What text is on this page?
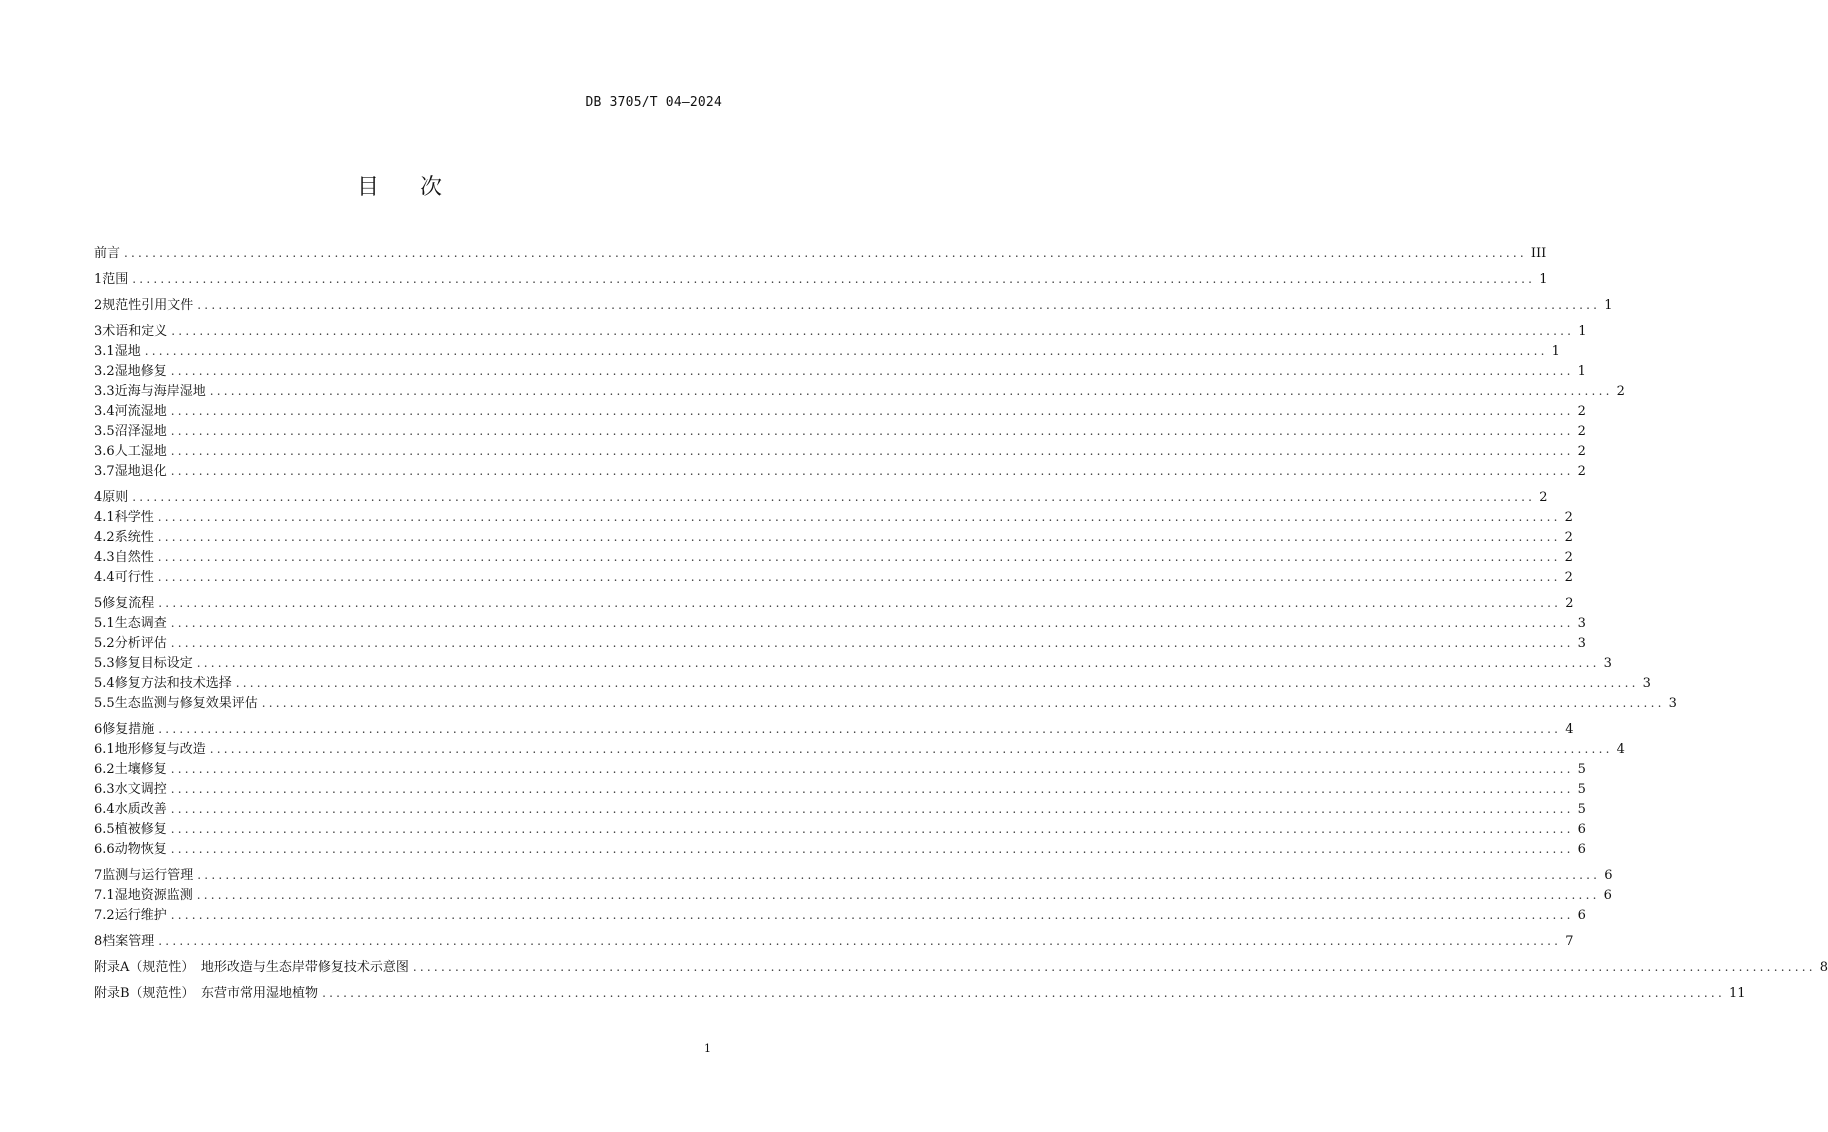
DB 3705/T 04—2024
目 次
前言 ........................................................................................................................................................................................................ III
1 范围 ........................................................................................................................................................................................................ 1
2 规范性引用文件 ........................................................................................................................................................................................................ 1
3 术语和定义 ........................................................................................................................................................................................................ 1
3.1 湿地 ........................................................................................................................................................................................................ 1
3.2 湿地修复 ........................................................................................................................................................................................................ 1
3.3 近海与海岸湿地 ........................................................................................................................................................................................................ 2
3.4 河流湿地 ........................................................................................................................................................................................................ 2
3.5 沼泽湿地 ........................................................................................................................................................................................................ 2
3.6 人工湿地 ........................................................................................................................................................................................................ 2
3.7 湿地退化 ........................................................................................................................................................................................................ 2
4 原则 ........................................................................................................................................................................................................ 2
4.1 科学性 ........................................................................................................................................................................................................ 2
4.2 系统性 ........................................................................................................................................................................................................ 2
4.3 自然性 ........................................................................................................................................................................................................ 2
4.4 可行性 ........................................................................................................................................................................................................ 2
5 修复流程 ........................................................................................................................................................................................................ 2
5.1 生态调查 ........................................................................................................................................................................................................ 3
5.2 分析评估 ........................................................................................................................................................................................................ 3
5.3 修复目标设定 ........................................................................................................................................................................................................ 3
5.4 修复方法和技术选择 ........................................................................................................................................................................................................ 3
5.5 生态监测与修复效果评估 ........................................................................................................................................................................................................ 3
6 修复措施 ........................................................................................................................................................................................................ 4
6.1 地形修复与改造 ........................................................................................................................................................................................................ 4
6.2 土壤修复 ........................................................................................................................................................................................................ 5
6.3 水文调控 ........................................................................................................................................................................................................ 5
6.4 水质改善 ........................................................................................................................................................................................................ 5
6.5 植被修复 ........................................................................................................................................................................................................ 6
6.6 动物恢复 ........................................................................................................................................................................................................ 6
7 监测与运行管理 ........................................................................................................................................................................................................ 6
7.1 湿地资源监测 ........................................................................................................................................................................................................ 6
7.2 运行维护 ........................................................................................................................................................................................................ 6
8 档案管理 ........................................................................................................................................................................................................ 7
附录A（规范性）　地形改造与生态岸带修复技术示意图 ........................................................................................................................................................................................................ 8
附录B（规范性）　东营市常用湿地植物 ........................................................................................................................................................................................................ 11
1
